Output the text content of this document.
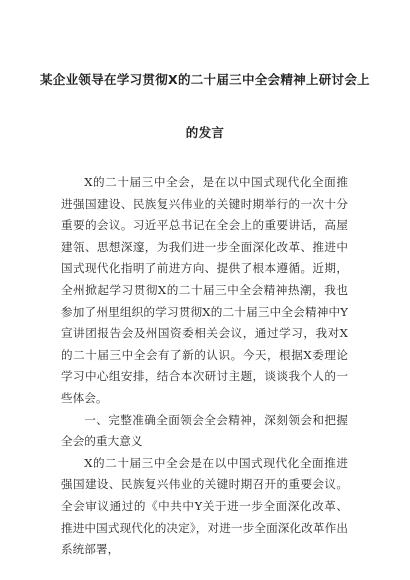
某企业领导在学习贯彻X的二十届三中全会精神上研讨会上
的发言

X的二十届三中全会，是在以中国式现代化全面推进强国建设、民族复兴伟业的关键时期举行的一次十分重要的会议。习近平总书记在全会上的重要讲话，高屋建瓴、思想深邃，为我们进一步全面深化改革、推进中国式现代化指明了前进方向、提供了根本遵循。近期，全州掀起学习贯彻X的二十届三中全会精神热潮，我也参加了州里组织的学习贯彻X的二十届三中全会精神中Y宣讲团报告会及州国资委相关会议，通过学习，我对X的二十届三中全会有了新的认识。今天，根据X委理论学习中心组安排，结合本次研讨主题，谈谈我个人的一些体会。

一、完整准确全面领会全会精神，深刻领会和把握全会的重大意义

X的二十届三中全会是在以中国式现代化全面推进强国建设、民族复兴伟业的关键时期召开的重要会议。全会审议通过的《中共中Y关于进一步全面深化改革、推进中国式现代化的决定》，对进一步全面深化改革作出系统部署，
